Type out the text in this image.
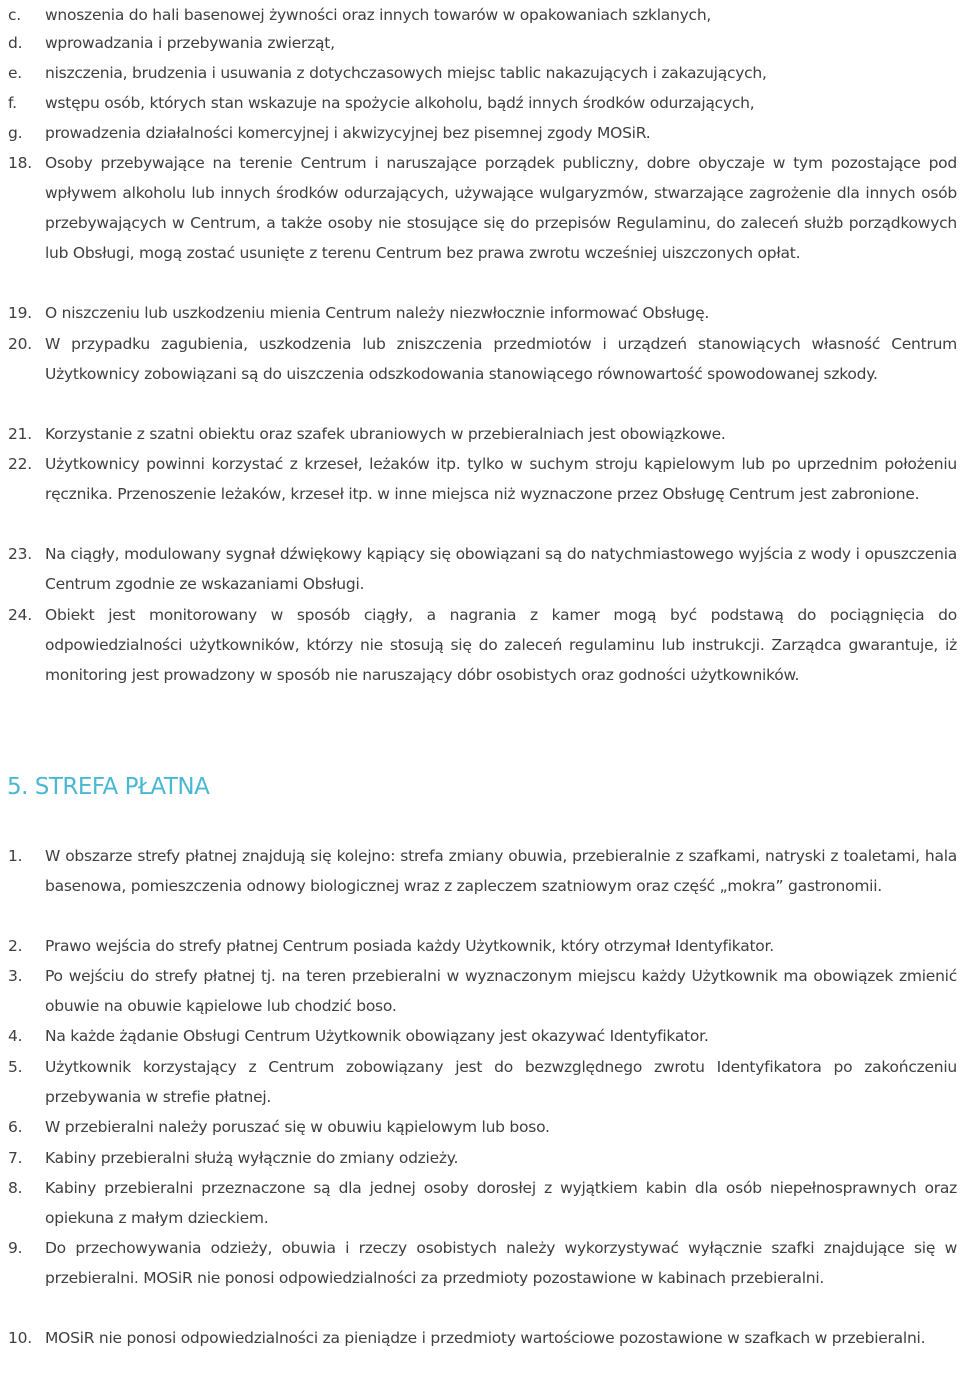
c. wnoszenia do hali basenowej żywności oraz innych towarów w opakowaniach szklanych,
d. wprowadzania i przebywania zwierząt,
e. niszczenia, brudzenia i usuwania z dotychczasowych miejsc tablic nakazujących i zakazujących,
f. wstępu osób, których stan wskazuje na spożycie alkoholu, bądź innych środków odurzających,
g. prowadzenia działalności komercyjnej i akwizycyjnej bez pisemnej zgody MOSiR.
18. Osoby przebywające na terenie Centrum i naruszające porządek publiczny, dobre obyczaje w tym pozostające pod wpływem alkoholu lub innych środków odurzających, używające wulgaryzmów, stwarzające zagrożenie dla innych osób przebywających w Centrum, a także osoby nie stosujące się do przepisów Regulaminu, do zaleceń służb porządkowych lub Obsługi, mogą zostać usunięte z terenu Centrum bez prawa zwrotu wcześniej uiszczonych opłat.
19. O niszczeniu lub uszkodzeniu mienia Centrum należy niezwłocznie informować Obsługę.
20. W przypadku zagubienia, uszkodzenia lub zniszczenia przedmiotów i urządzeń stanowiących własność Centrum Użytkownicy zobowiązani są do uiszczenia odszkodowania stanowiącego równowartość spowodowanej szkody.
21. Korzystanie z szatni obiektu oraz szafek ubraniowych w przebieralniach jest obowiązkowe.
22. Użytkownicy powinni korzystać z krzeseł, leżaków itp. tylko w suchym stroju kąpielowym lub po uprzednim położeniu ręcznika. Przenoszenie leżaków, krzeseł itp. w inne miejsca niż wyznaczone przez Obsługę Centrum jest zabronione.
23. Na ciągły, modulowany sygnał dźwiękowy kąpiący się obowiązani są do natychmiastowego wyjścia z wody i opuszczenia Centrum zgodnie ze wskazaniami Obsługi.
24. Obiekt jest monitorowany w sposób ciągły, a nagrania z kamer mogą być podstawą do pociągnięcia do odpowiedzialności użytkowników, którzy nie stosują się do zaleceń regulaminu lub instrukcji. Zarządca gwarantuje, iż monitoring jest prowadzony w sposób nie naruszający dóbr osobistych oraz godności użytkowników.
5. STREFA PŁATNA
1. W obszarze strefy płatnej znajdują się kolejno: strefa zmiany obuwia, przebieralnie z szafkami, natryski z toaletami, hala basenowa, pomieszczenia odnowy biologicznej wraz z zapleczem szatniowym oraz część „mokra” gastronomii.
2. Prawo wejścia do strefy płatnej Centrum posiada każdy Użytkownik, który otrzymał Identyfikator.
3. Po wejściu do strefy płatnej tj. na teren przebieralni w wyznaczonym miejscu każdy Użytkownik ma obowiązek zmienić obuwie na obuwie kąpielowe lub chodzić boso.
4. Na każde żądanie Obsługi Centrum Użytkownik obowiązany jest okazywać Identyfikator.
5. Użytkownik korzystający z Centrum zobowiązany jest do bezwzględnego zwrotu Identyfikatora po zakończeniu przebywania w strefie płatnej.
6. W przebieralni należy poruszać się w obuwiu kąpielowym lub boso.
7. Kabiny przebieralni służą wyłącznie do zmiany odzieży.
8. Kabiny przebieralni przeznaczone są dla jednej osoby dorosłej z wyjątkiem kabin dla osób niepełnosprawnych oraz opiekuna z małym dzieckiem.
9. Do przechowywania odzieży, obuwia i rzeczy osobistych należy wykorzystywać wyłącznie szafki znajdujące się w przebieralni. MOSiR nie ponosi odpowiedzialności za przedmioty pozostawione w kabinach przebieralni.
10. MOSiR nie ponosi odpowiedzialności za pieniądze i przedmioty wartościowe pozostawione w szafkach w przebieralni.
